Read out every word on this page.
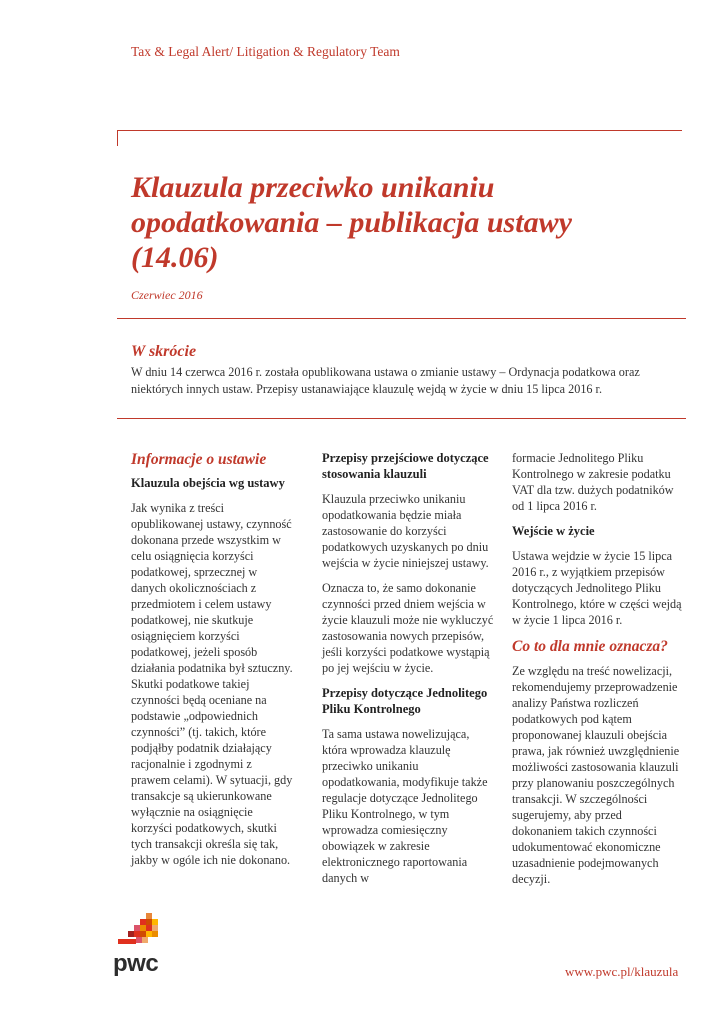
Tax & Legal Alert/ Litigation & Regulatory Team
Klauzula przeciwko unikaniu opodatkowania – publikacja ustawy (14.06)
Czerwiec 2016
W skrócie
W dniu 14 czerwca 2016 r. została opublikowana ustawa o zmianie ustawy – Ordynacja podatkowa oraz niektórych innych ustaw. Przepisy ustanawiające klauzulę wejdą w życie w dniu 15 lipca 2016 r.
Informacje o ustawie
Klauzula obejścia wg ustawy

Jak wynika z treści opublikowanej ustawy, czynność dokonana przede wszystkim w celu osiągnięcia korzyści podatkowej, sprzecznej w danych okolicznościach z przedmiotem i celem ustawy podatkowej, nie skutkuje osiągnięciem korzyści podatkowej, jeżeli sposób działania podatnika był sztuczny. Skutki podatkowe takiej czynności będą oceniane na podstawie „odpowiednich czynności” (tj. takich, które podjąłby podatnik działający racjonalnie i zgodnymi z prawem celami). W sytuacji, gdy transakcje są ukierunkowane wyłącznie na osiągnięcie korzyści podatkowych, skutki tych transakcji określa się tak, jakby w ogóle ich nie dokonano.

Przepisy przejściowe dotyczące stosowania klauzuli

Klauzula przeciwko unikaniu opodatkowania będzie miała zastosowanie do korzyści podatkowych uzyskanych po dniu wejścia w życie niniejszej ustawy.

Oznacza to, że samo dokonanie czynności przed dniem wejścia w życie klauzuli może nie wykluczyć zastosowania nowych przepisów, jeśli korzyści podatkowe wystąpią po jej wejściu w życie.

Przepisy dotyczące Jednolitego Pliku Kontrolnego

Ta sama ustawa nowelizująca, która wprowadza klauzulę przeciwko unikaniu opodatkowania, modyfikuje także regulacje dotyczące Jednolitego Pliku Kontrolnego, w tym wprowadza comiesięczny obowiązek w zakresie elektronicznego raportowania danych w

formacie Jednolitego Pliku Kontrolnego w zakresie podatku VAT dla tzw. dużych podatników od 1 lipca 2016 r.

Wejście w życie

Ustawa wejdzie w życie 15 lipca 2016 r., z wyjątkiem przepisów dotyczących Jednolitego Pliku Kontrolnego, które w części wejdą w życie 1 lipca 2016 r.

Co to dla mnie oznacza?

Ze względu na treść nowelizacji, rekomendujemy przeprowadzenie analizy Państwa rozliczeń podatkowych pod kątem proponowanej klauzuli obejścia prawa, jak również uwzględnienie możliwości zastosowania klauzuli przy planowaniu poszczególnych transakcji. W szczególności sugerujemy, aby przed dokonaniem takich czynności udokumentować ekonomiczne uzasadnienie podejmowanych decyzji.

pwc	www.pwc.pl/klauzula
